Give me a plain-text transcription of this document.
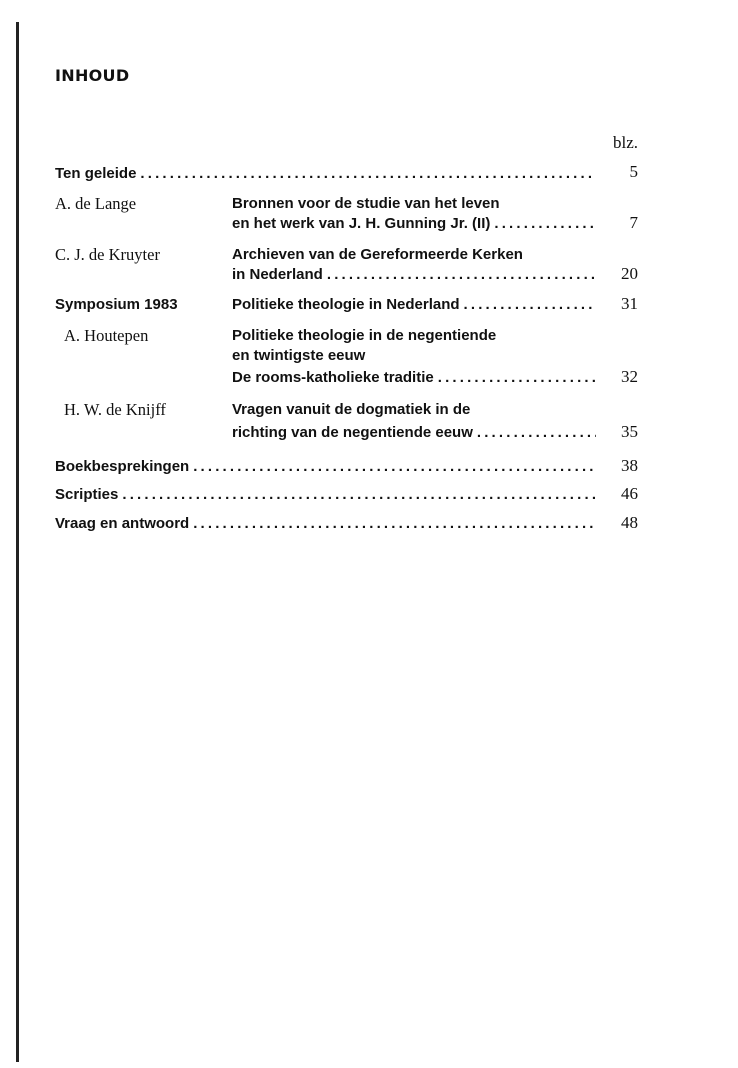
INHOUD
blz.
Ten geleide . . .	5
A. de Lange	Bronnen voor de studie van het leven
en het werk van J. H. Gunning Jr. (II) . . .	7
C. J. de Kruyter	Archieven van de Gereformeerde Kerken
in Nederland . . .	20
Symposium 1983	Politieke theologie in Nederland . . .	31
A. Houtepen	Politieke theologie in de negentiende
en twintigste eeuw
De rooms-katholieke traditie . . .	32
H. W. de Knijff	Vragen vanuit de dogmatiek in de
richting van de negentiende eeuw . . .	35
Boekbesprekingen . . .	38
Scripties . . .	46
Vraag en antwoord . . .	48
